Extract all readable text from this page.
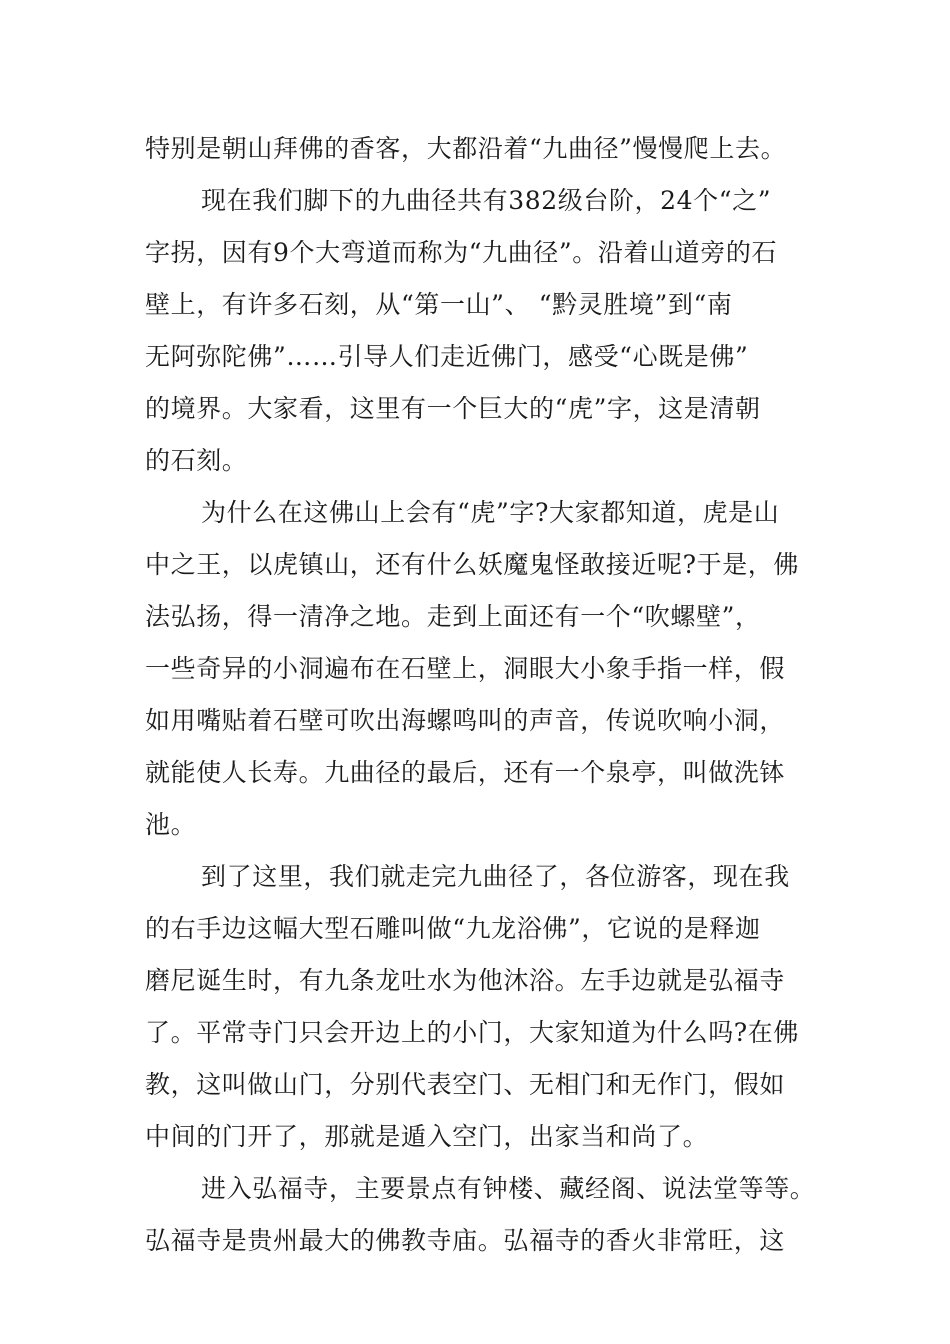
特别是朝山拜佛的香客，大都沿着“九曲径”慢慢爬上去。
现在我们脚下的九曲径共有382级台阶，24个“之”
字拐，因有9个大弯道而称为“九曲径”。沿着山道旁的石
壁上，有许多石刻，从“第一山”、 “黔灵胜境”到“南
无阿弥陀佛”……引导人们走近佛门，感受“心既是佛”
的境界。大家看，这里有一个巨大的“虎”字，这是清朝
的石刻。
为什么在这佛山上会有“虎”字?大家都知道，虎是山
中之王，以虎镇山，还有什么妖魔鬼怪敢接近呢?于是，佛
法弘扬，得一清净之地。走到上面还有一个“吹螺壁”，
一些奇异的小洞遍布在石壁上，洞眼大小象手指一样，假
如用嘴贴着石壁可吹出海螺鸣叫的声音，传说吹响小洞，
就能使人长寿。九曲径的最后，还有一个泉亭，叫做洗钵
池。
到了这里，我们就走完九曲径了，各位游客，现在我
的右手边这幅大型石雕叫做“九龙浴佛”，它说的是释迦
磨尼诞生时，有九条龙吐水为他沐浴。左手边就是弘福寺
了。平常寺门只会开边上的小门，大家知道为什么吗?在佛
教，这叫做山门，分别代表空门、无相门和无作门，假如
中间的门开了，那就是遁入空门，出家当和尚了。
进入弘福寺，主要景点有钟楼、藏经阁、说法堂等等。
弘福寺是贵州最大的佛教寺庙。弘福寺的香火非常旺，这
